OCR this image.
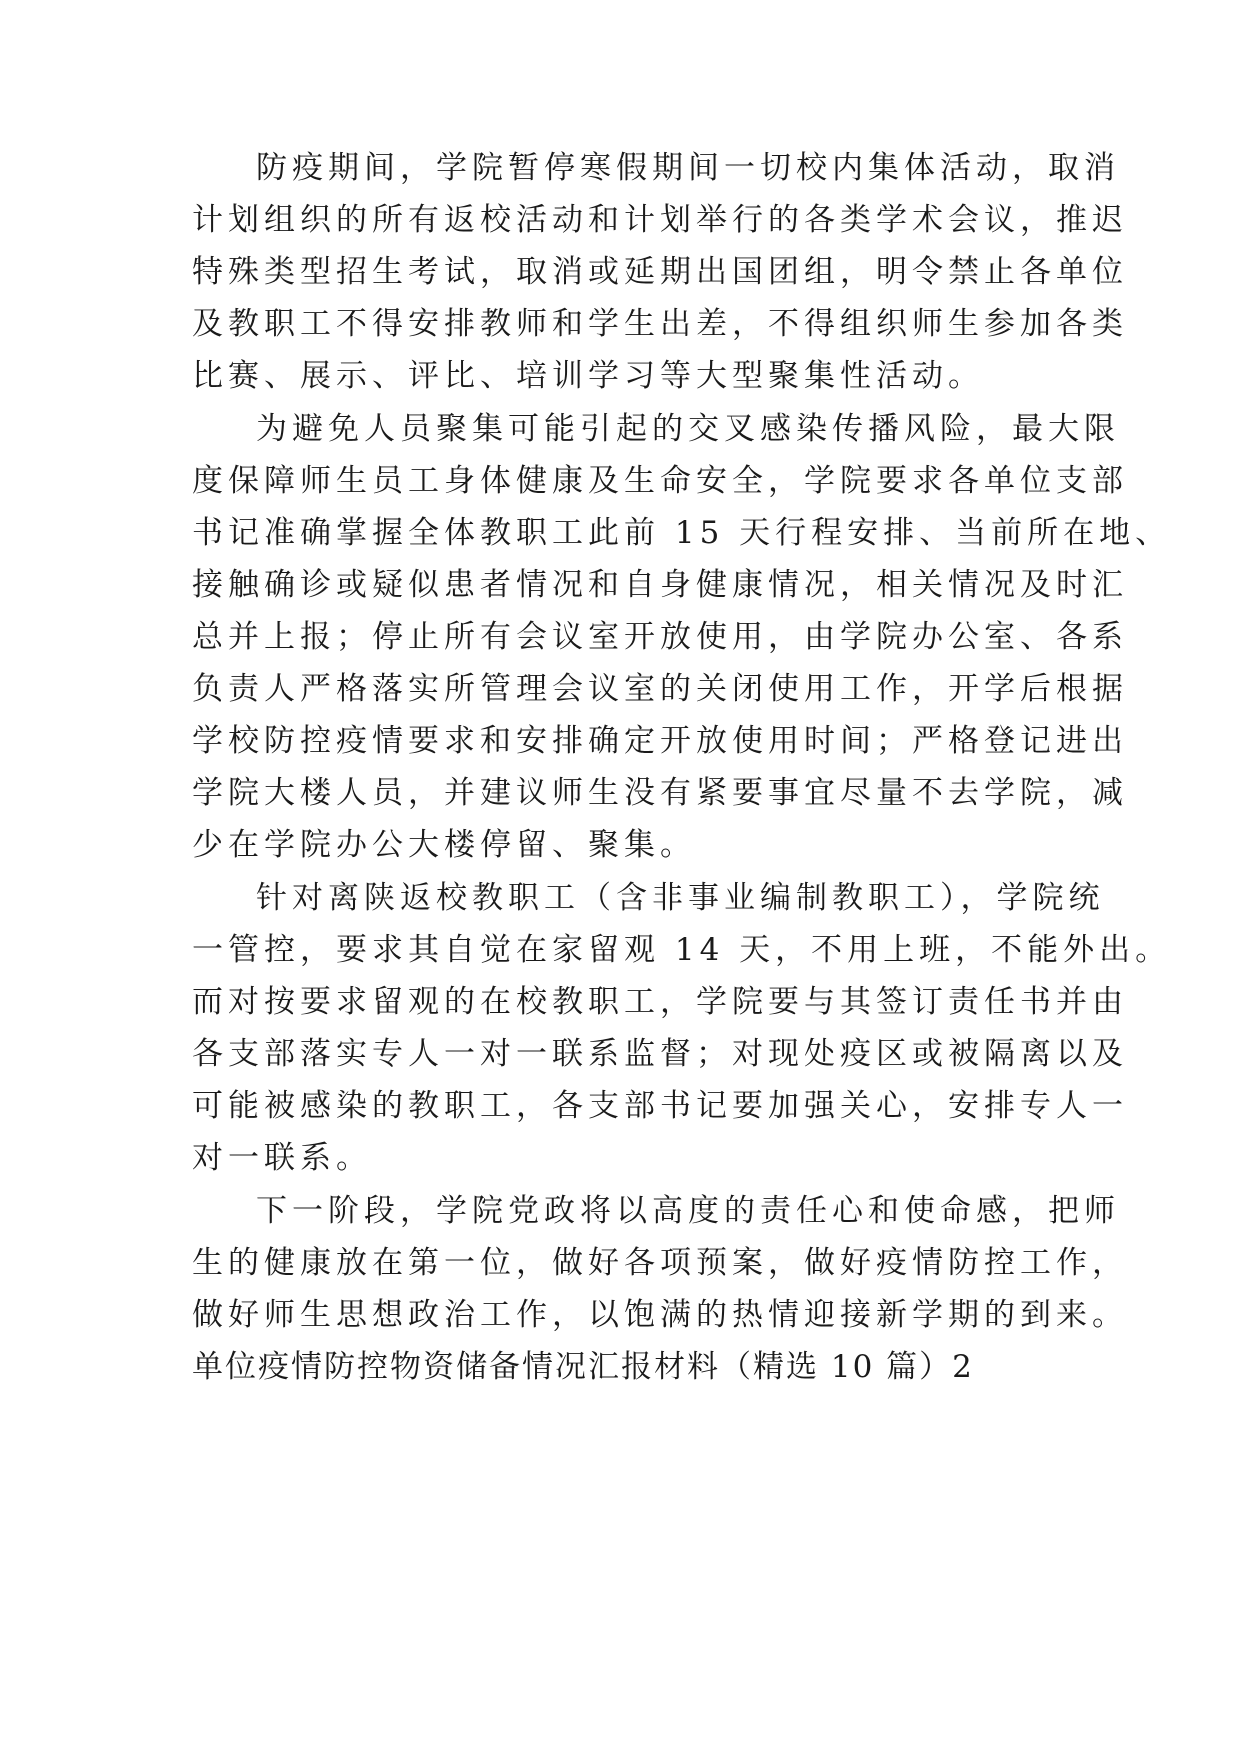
防疫期间，学院暂停寒假期间一切校内集体活动，取消
计划组织的所有返校活动和计划举行的各类学术会议，推迟
特殊类型招生考试，取消或延期出国团组，明令禁止各单位
及教职工不得安排教师和学生出差，不得组织师生参加各类
比赛、展示、评比、培训学习等大型聚集性活动。
为避免人员聚集可能引起的交叉感染传播风险，最大限
度保障师生员工身体健康及生命安全，学院要求各单位支部
书记准确掌握全体教职工此前 15 天行程安排、当前所在地、
接触确诊或疑似患者情况和自身健康情况，相关情况及时汇
总并上报；停止所有会议室开放使用，由学院办公室、各系
负责人严格落实所管理会议室的关闭使用工作，开学后根据
学校防控疫情要求和安排确定开放使用时间；严格登记进出
学院大楼人员，并建议师生没有紧要事宜尽量不去学院，减
少在学院办公大楼停留、聚集。
针对离陕返校教职工（含非事业编制教职工），学院统
一管控，要求其自觉在家留观 14 天，不用上班，不能外出。
而对按要求留观的在校教职工，学院要与其签订责任书并由
各支部落实专人一对一联系监督；对现处疫区或被隔离以及
可能被感染的教职工，各支部书记要加强关心，安排专人一
对一联系。
下一阶段，学院党政将以高度的责任心和使命感，把师
生的健康放在第一位，做好各项预案，做好疫情防控工作，
做好师生思想政治工作，以饱满的热情迎接新学期的到来。
单位疫情防控物资储备情况汇报材料（精选 10 篇）2
